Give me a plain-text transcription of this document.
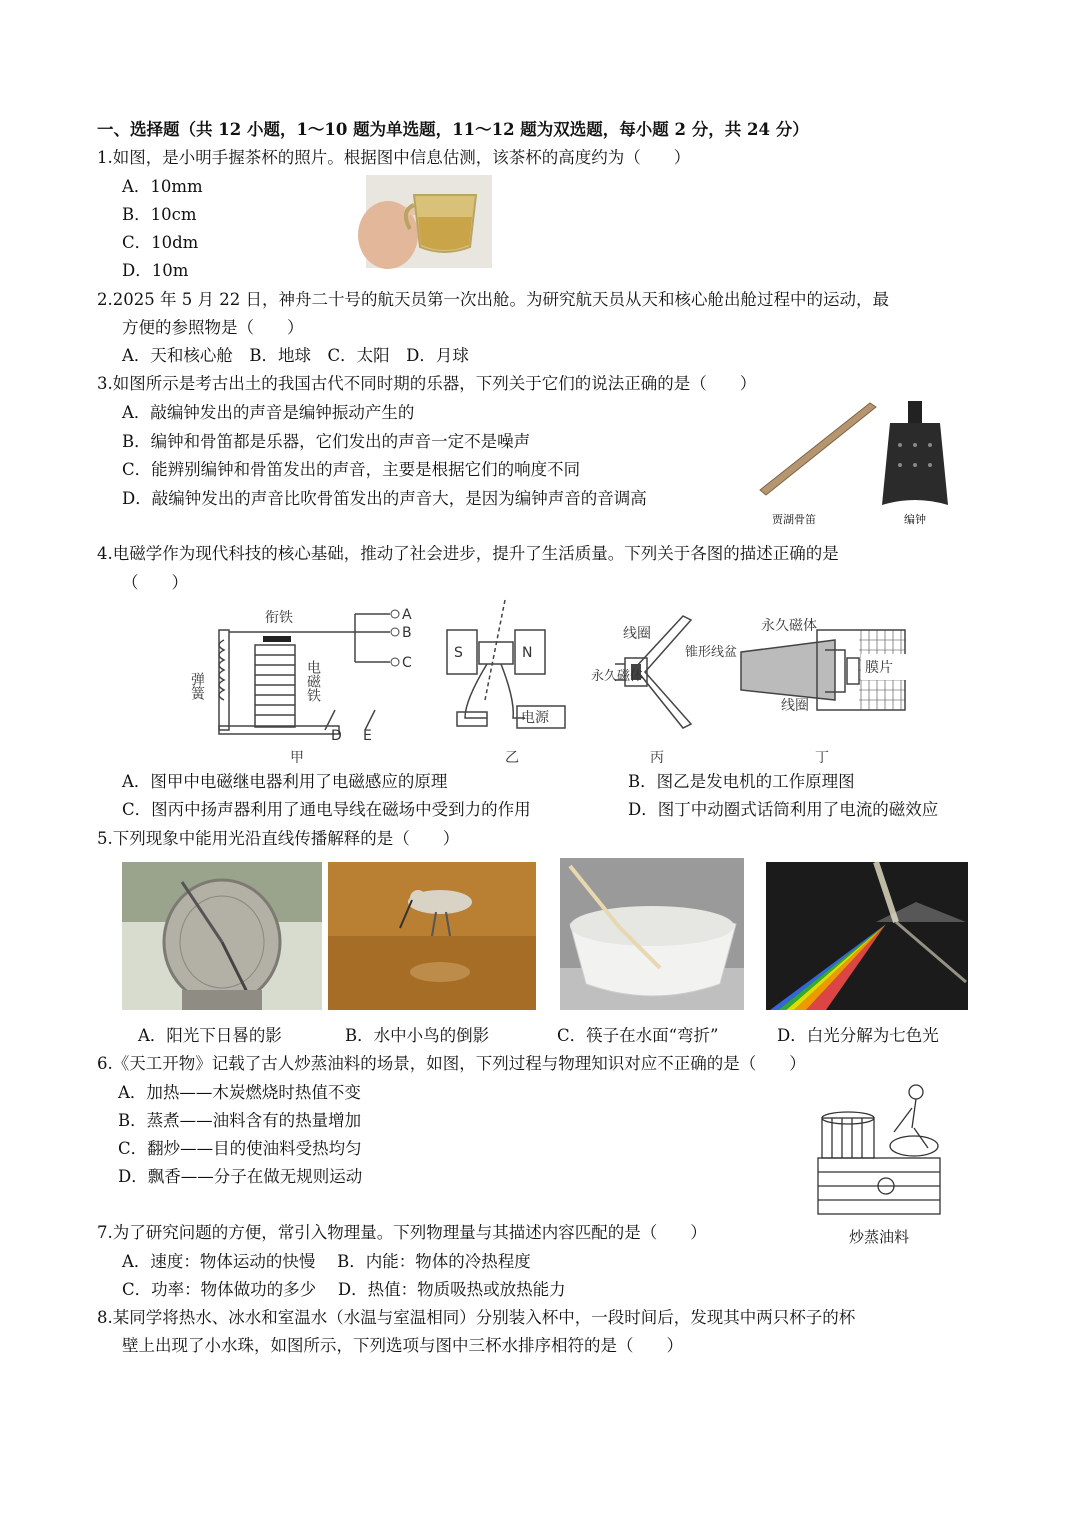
一、选择题（共 12 小题，1～10 题为单选题，11～12 题为双选题，每小题 2 分，共 24 分）
1.如图，是小明手握茶杯的照片。根据图中信息估测，该茶杯的高度约为（　　）
A．10mm
B．10cm
C．10dm
D．10m
2.2025 年 5 月 22 日，神舟二十号的航天员第一次出舱。为研究航天员从天和核心舱出舱过程中的运动，最
方便的参照物是（　　）
A．天和核心舱　B．地球　C．太阳　D．月球
3.如图所示是考古出土的我国古代不同时期的乐器，下列关于它们的说法正确的是（　　）
A．敲编钟发出的声音是编钟振动产生的
B．编钟和骨笛都是乐器，它们发出的声音一定不是噪声
C．能辨别编钟和骨笛发出的声音，主要是根据它们的响度不同
D．敲编钟发出的声音比吹骨笛发出的声音大，是因为编钟声音的音调高
贾湖骨笛	编钟
4.电磁学作为现代科技的核心基础，推动了社会进步，提升了生活质量。下列关于各图的描述正确的是
（　　）
衔铁	A
B
C
弹簧	电磁铁
D E
甲
S	N
电源
乙
线圈
锥形线盆
永久磁体
丙
永久磁体
膜片
线圈
丁
A．图甲中电磁继电器利用了电磁感应的原理	B．图乙是发电机的工作原理图
C．图丙中扬声器利用了通电导线在磁场中受到力的作用	D．图丁中动圈式话筒利用了电流的磁效应
5.下列现象中能用光沿直线传播解释的是（　　）
A．阳光下日晷的影	B．水中小鸟的倒影	C．筷子在水面“弯折”	D．白光分解为七色光
6.《天工开物》记载了古人炒蒸油料的场景，如图，下列过程与物理知识对应不正确的是（　　）
A．加热——木炭燃烧时热值不变
B．蒸煮——油料含有的热量增加
C．翻炒——目的使油料受热均匀
D．飘香——分子在做无规则运动
炒蒸油料
7.为了研究问题的方便，常引入物理量。下列物理量与其描述内容匹配的是（　　）
A．速度：物体运动的快慢　 B．内能：物体的冷热程度
C．功率：物体做功的多少　 D．热值：物质吸热或放热能力
8.某同学将热水、冰水和室温水（水温与室温相同）分别装入杯中，一段时间后，发现其中两只杯子的杯
壁上出现了小水珠，如图所示，下列选项与图中三杯水排序相符的是（　　）
